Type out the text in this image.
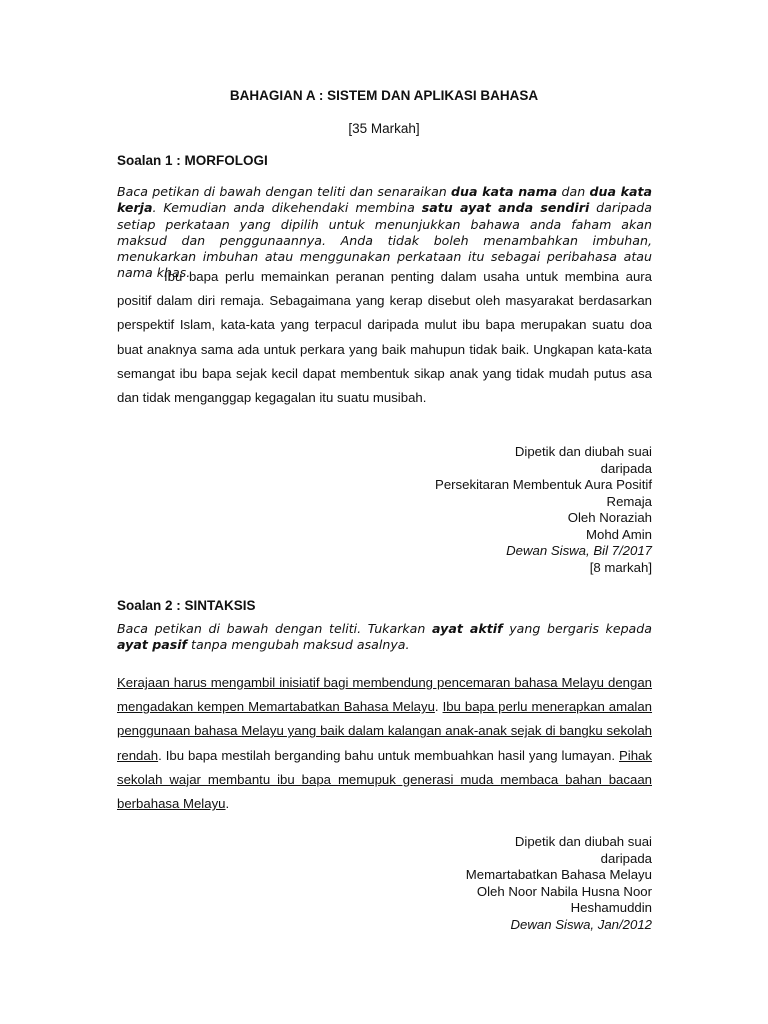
BAHAGIAN A : SISTEM DAN APLIKASI BAHASA
[35 Markah]
Soalan 1 : MORFOLOGI

Baca petikan di bawah dengan teliti dan senaraikan dua kata nama dan dua kata kerja. Kemudian anda dikehendaki membina satu ayat anda sendiri daripada setiap perkataan yang dipilih untuk menunjukkan bahawa anda faham akan maksud dan penggunaannya. Anda tidak boleh menambahkan imbuhan, menukarkan imbuhan atau menggunakan perkataan itu sebagai peribahasa atau nama khas.

Ibu bapa perlu memainkan peranan penting dalam usaha untuk membina aura positif dalam diri remaja. Sebagaimana yang kerap disebut oleh masyarakat berdasarkan perspektif Islam, kata-kata yang terpacul daripada mulut ibu bapa merupakan suatu doa buat anaknya sama ada untuk perkara yang baik mahupun tidak baik. Ungkapan kata-kata semangat ibu bapa sejak kecil dapat membentuk sikap anak yang tidak mudah putus asa dan tidak menganggap kegagalan itu suatu musibah.

Dipetik dan diubah suai
daripada
Persekitaran Membentuk Aura Positif
Remaja
Oleh Noraziah
Mohd Amin
Dewan Siswa, Bil 7/2017
[8 markah]
Soalan 2 : SINTAKSIS

Baca petikan di bawah dengan teliti. Tukarkan ayat aktif yang bergaris kepada ayat pasif tanpa mengubah maksud asalnya.

Kerajaan harus mengambil inisiatif bagi membendung pencemaran bahasa Melayu dengan mengadakan kempen Memartabatkan Bahasa Melayu. Ibu bapa perlu menerapkan amalan penggunaan bahasa Melayu yang baik dalam kalangan anak-anak sejak di bangku sekolah rendah. Ibu bapa mestilah berganding bahu untuk membuahkan hasil yang lumayan. Pihak sekolah wajar membantu ibu bapa memupuk generasi muda membaca bahan bacaan berbahasa Melayu.

Dipetik dan diubah suai
daripada
Memartabatkan Bahasa Melayu
Oleh Noor Nabila Husna Noor
Heshamuddin
Dewan Siswa, Jan/2012
